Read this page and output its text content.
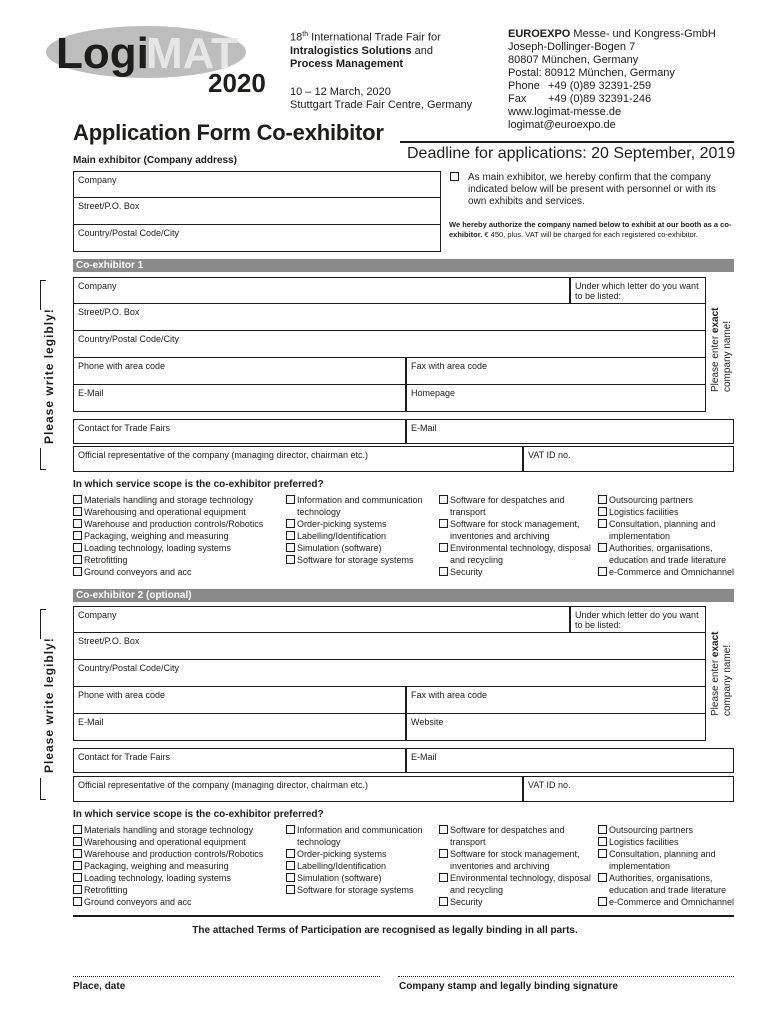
Logi
MAT
2020
18th International Trade Fair for
Intralogistics Solutions and
Process Management
10 – 12 March, 2020
Stuttgart Trade Fair Centre, Germany
EUROEXPO Messe- und Kongress-GmbH
Joseph-Dollinger-Bogen 7
80807 München, Germany
Postal: 80912 München, Germany
Phone +49 (0)89 32391-259
Fax	+49 (0)89 32391-246
www.logimat-messe.de
logimat@euroexpo.de
Application Form Co-exhibitor
Main exhibitor (Company address)	Deadline for applications: 20 September, 2019
Company
Street/P.O. Box
Country/Postal Code/City
As main exhibitor, we hereby confirm that the company indicated below will be present with personnel or with its own exhibits and services.
We hereby authorize the company named below to exhibit at our booth as a co-exhibitor. € 450, plus. VAT will be charged for each registered co-exhibitor.
Co-exhibitor 1
Please write legibly!
Company	Under which letter do you want to be listed:
Street/P.O. Box
Country/Postal Code/City
Phone with area code	Fax with area code
E-Mail	Homepage
Please enter exact
company name!
Contact for Trade Fairs	E-Mail
Official representative of the company (managing director, chairman etc.)	VAT ID no.
In which service scope is the co-exhibitor preferred?
Materials handling and storage technology
Warehousing and operational equipment
Warehouse and production controls/Robotics
Packaging, weighing and measuring
Loading technology, loading systems
Retrofitting
Ground conveyors and acc
Information and communication technology
Order-picking systems
Labelling/Identification
Simulation (software)
Software for storage systems
Software for despatches and transport
Software for stock management, inventories and archiving
Environmental technology, disposal and recycling
Security
Outsourcing partners
Logistics facilities
Consultation, planning and implementation
Authorities, organisations, education and trade literature
e-Commerce and Omnichannel
Co-exhibitor 2 (optional)
Please write legibly!
Company	Under which letter do you want to be listed:
Street/P.O. Box
Country/Postal Code/City
Phone with area code	Fax with area code
E-Mail	Website
Please enter exact
company name!
Contact for Trade Fairs	E-Mail
Official representative of the company (managing director, chairman etc.)	VAT ID no.
In which service scope is the co-exhibitor preferred?
Materials handling and storage technology
Warehousing and operational equipment
Warehouse and production controls/Robotics
Packaging, weighing and measuring
Loading technology, loading systems
Retrofitting
Ground conveyors and acc
Information and communication technology
Order-picking systems
Labelling/Identification
Simulation (software)
Software for storage systems
Software for despatches and transport
Software for stock management, inventories and archiving
Environmental technology, disposal and recycling
Security
Outsourcing partners
Logistics facilities
Consultation, planning and implementation
Authorities, organisations, education and trade literature
e-Commerce and Omnichannel
The attached Terms of Participation are recognised as legally binding in all parts.
Place, date	Company stamp and legally binding signature
